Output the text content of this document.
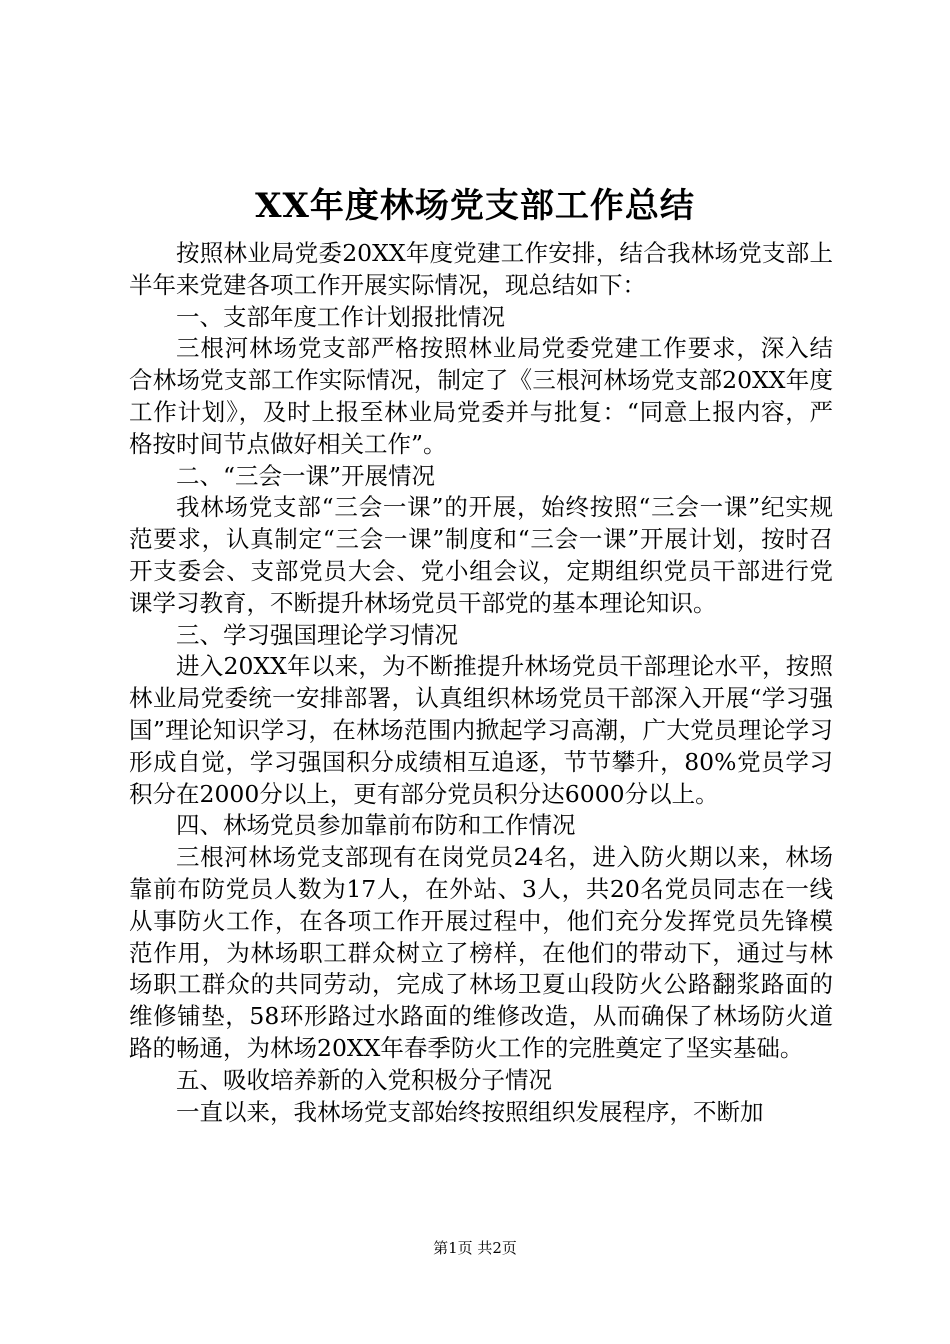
XX年度林场党支部工作总结

按照林业局党委20XX年度党建工作安排，结合我林场党支部上半年来党建各项工作开展实际情况，现总结如下：

一、支部年度工作计划报批情况

三根河林场党支部严格按照林业局党委党建工作要求，深入结合林场党支部工作实际情况，制定了《三根河林场党支部20XX年度工作计划》，及时上报至林业局党委并与批复：“同意上报内容，严格按时间节点做好相关工作”。

二、“三会一课”开展情况

我林场党支部“三会一课”的开展，始终按照“三会一课”纪实规范要求，认真制定“三会一课”制度和“三会一课”开展计划，按时召开支委会、支部党员大会、党小组会议，定期组织党员干部进行党课学习教育，不断提升林场党员干部党的基本理论知识。

三、学习强国理论学习情况

进入20XX年以来，为不断推提升林场党员干部理论水平，按照林业局党委统一安排部署，认真组织林场党员干部深入开展“学习强国”理论知识学习，在林场范围内掀起学习高潮，广大党员理论学习形成自觉，学习强国积分成绩相互追逐，节节攀升，80%党员学习积分在2000分以上，更有部分党员积分达6000分以上。

四、林场党员参加靠前布防和工作情况

三根河林场党支部现有在岗党员24名，进入防火期以来，林场靠前布防党员人数为17人，在外站、3人，共20名党员同志在一线从事防火工作，在各项工作开展过程中，他们充分发挥党员先锋模范作用，为林场职工群众树立了榜样，在他们的带动下，通过与林场职工群众的共同劳动，完成了林场卫夏山段防火公路翻浆路面的维修铺垫，58环形路过水路面的维修改造，从而确保了林场防火道路的畅通，为林场20XX年春季防火工作的完胜奠定了坚实基础。

五、吸收培养新的入党积极分子情况

一直以来，我林场党支部始终按照组织发展程序，不断加

第1页 共2页
